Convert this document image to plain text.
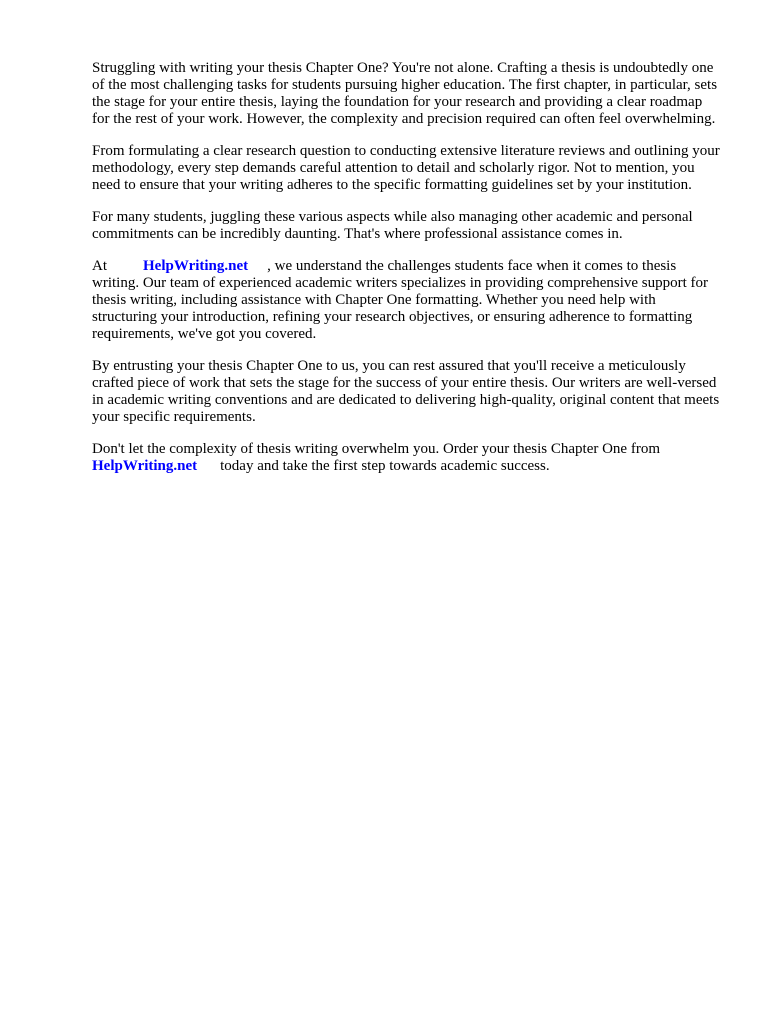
Struggling with writing your thesis Chapter One? You're not alone. Crafting a thesis is undoubtedly one of the most challenging tasks for students pursuing higher education. The first chapter, in particular, sets the stage for your entire thesis, laying the foundation for your research and providing a clear roadmap for the rest of your work. However, the complexity and precision required can often feel overwhelming.

From formulating a clear research question to conducting extensive literature reviews and outlining your methodology, every step demands careful attention to detail and scholarly rigor. Not to mention, you need to ensure that your writing adheres to the specific formatting guidelines set by your institution.

For many students, juggling these various aspects while also managing other academic and personal commitments can be incredibly daunting. That's where professional assistance comes in.

At HelpWriting.net , we understand the challenges students face when it comes to thesis writing. Our team of experienced academic writers specializes in providing comprehensive support for thesis writing, including assistance with Chapter One formatting. Whether you need help with structuring your introduction, refining your research objectives, or ensuring adherence to formatting requirements, we've got you covered.

By entrusting your thesis Chapter One to us, you can rest assured that you'll receive a meticulously crafted piece of work that sets the stage for the success of your entire thesis. Our writers are well-versed in academic writing conventions and are dedicated to delivering high-quality, original content that meets your specific requirements.

Don't let the complexity of thesis writing overwhelm you. Order your thesis Chapter One from
HelpWriting.net today and take the first step towards academic success.
